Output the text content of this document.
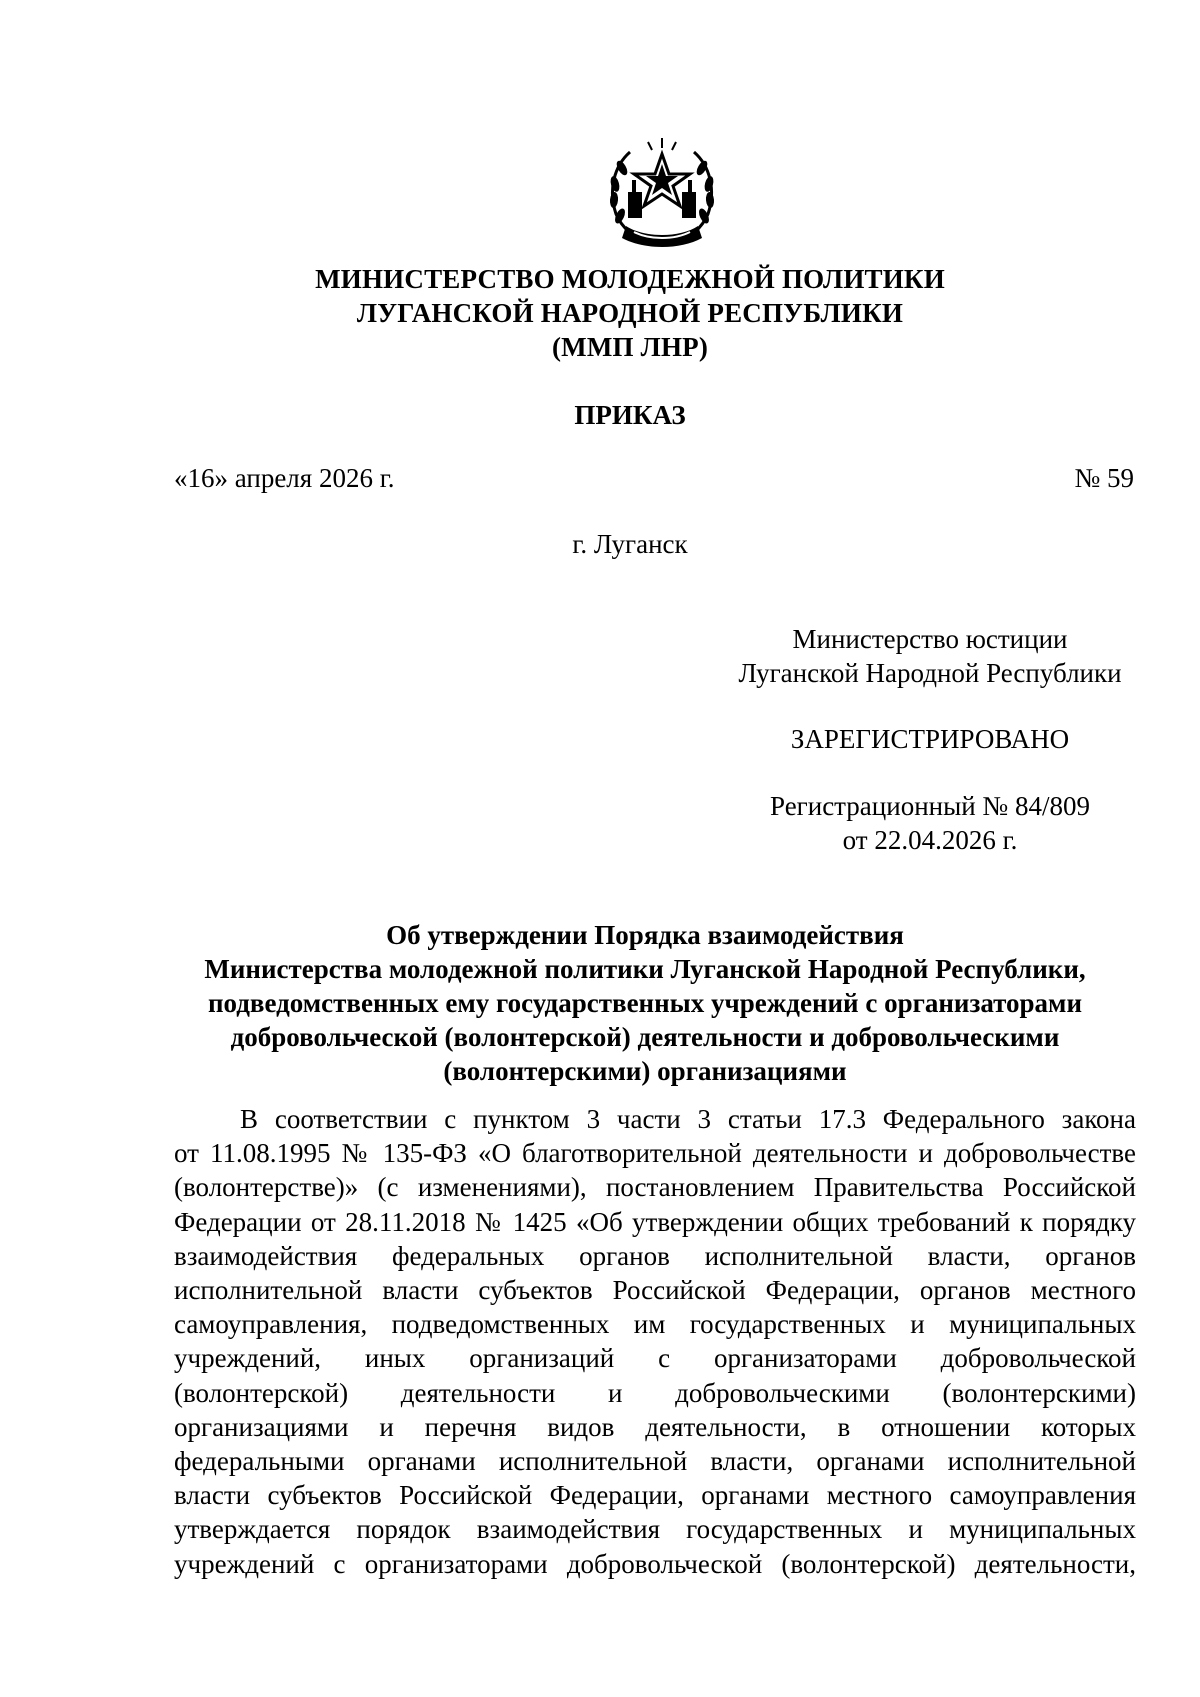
МИНИСТЕРСТВО МОЛОДЕЖНОЙ ПОЛИТИКИ
ЛУГАНСКОЙ НАРОДНОЙ РЕСПУБЛИКИ
(ММП ЛНР)
ПРИКАЗ
«16» апреля 2026 г.	№ 59
г. Луганск
Министерство юстиции
Луганской Народной Республики
ЗАРЕГИСТРИРОВАНО
Регистрационный № 84/809
от 22.04.2026 г.
Об утверждении Порядка взаимодействия
Министерства молодежной политики Луганской Народной Республики,
подведомственных ему государственных учреждений с организаторами
добровольческой (волонтерской) деятельности и добровольческими
(волонтерскими) организациями
В соответствии с пунктом 3 части 3 статьи 17.3 Федерального закона
от 11.08.1995 № 135-ФЗ «О благотворительной деятельности и добровольчестве
(волонтерстве)» (с изменениями), постановлением Правительства Российской
Федерации от 28.11.2018 № 1425 «Об утверждении общих требований к порядку
взаимодействия федеральных органов исполнительной власти, органов
исполнительной власти субъектов Российской Федерации, органов местного
самоуправления, подведомственных им государственных и муниципальных
учреждений, иных организаций с организаторами добровольческой
(волонтерской) деятельности и добровольческими (волонтерскими)
организациями и перечня видов деятельности, в отношении которых
федеральными органами исполнительной власти, органами исполнительной
власти субъектов Российской Федерации, органами местного самоуправления
утверждается порядок взаимодействия государственных и муниципальных
учреждений с организаторами добровольческой (волонтерской) деятельности,
